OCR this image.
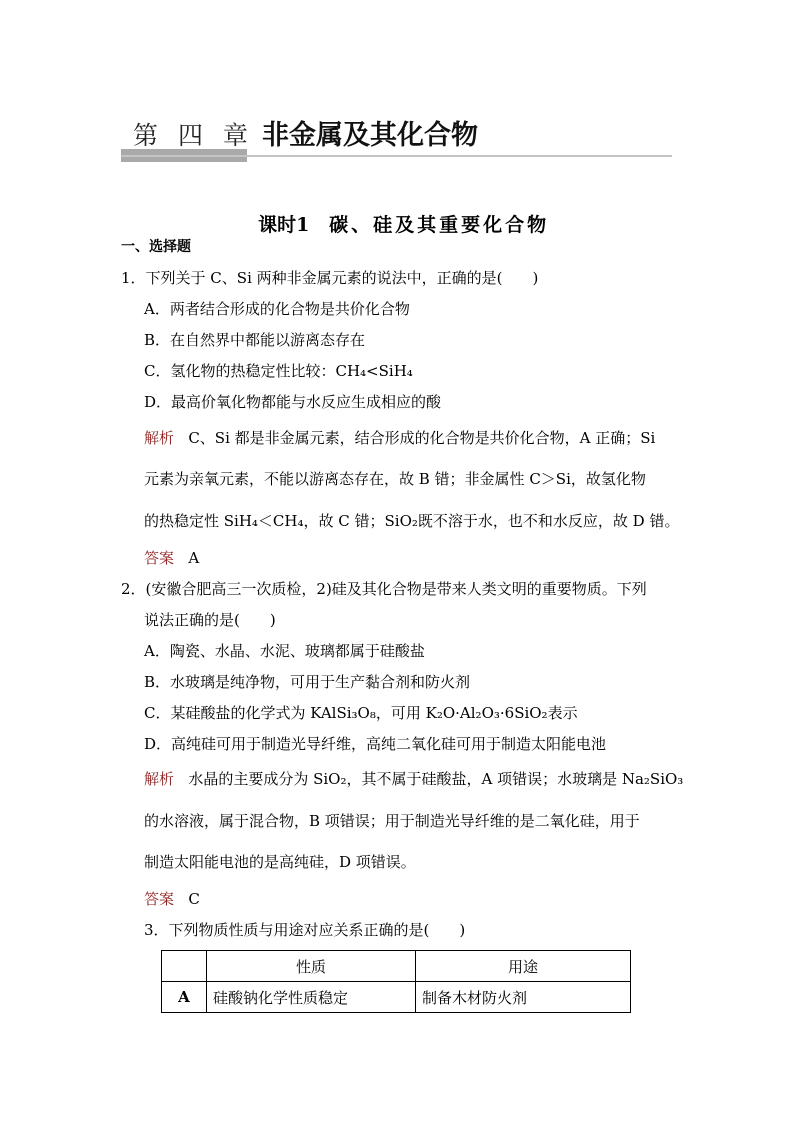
第 四 章 非金属及其化合物

课时1 碳、硅及其重要化合物

一、选择题
1．下列关于 C、Si 两种非金属元素的说法中，正确的是(　　)
A．两者结合形成的化合物是共价化合物
B．在自然界中都能以游离态存在
C．氢化物的热稳定性比较：CH₄<SiH₄
D．最高价氧化物都能与水反应生成相应的酸
解析 C、Si 都是非金属元素，结合形成的化合物是共价化合物，A 正确；Si
元素为亲氧元素，不能以游离态存在，故 B 错；非金属性 C＞Si，故氢化物
的热稳定性 SiH₄＜CH₄，故 C 错；SiO₂既不溶于水，也不和水反应，故 D 错。
答案 A
2．(安徽合肥高三一次质检，2)硅及其化合物是带来人类文明的重要物质。下列
说法正确的是(　　)
A．陶瓷、水晶、水泥、玻璃都属于硅酸盐
B．水玻璃是纯净物，可用于生产黏合剂和防火剂
C．某硅酸盐的化学式为 KAlSi₃O₈，可用 K₂O·Al₂O₃·6SiO₂表示
D．高纯硅可用于制造光导纤维，高纯二氧化硅可用于制造太阳能电池
解析 水晶的主要成分为 SiO₂，其不属于硅酸盐，A 项错误；水玻璃是 Na₂SiO₃
的水溶液，属于混合物，B 项错误；用于制造光导纤维的是二氧化硅，用于
制造太阳能电池的是高纯硅，D 项错误。
答案 C
3．下列物质性质与用途对应关系正确的是(　　)
	性质	用途
A	硅酸钠化学性质稳定	制备木材防火剂
